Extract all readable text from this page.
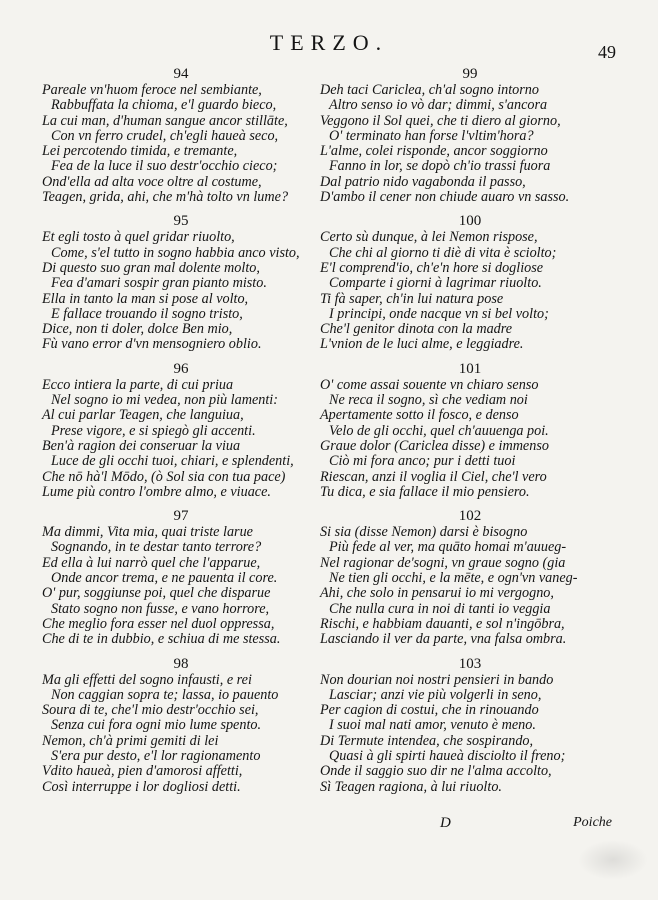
TERZO.	49
94
Pareale vn'huom feroce nel sembiante,
Rabbuffata la chioma, e'l guardo bieco,
La cui man, d'human sangue ancor stillāte,
Con vn ferro crudel, ch'egli haueà seco,
Lei percotendo timida, e tremante,
Fea de la luce il suo destr'occhio cieco;
Ond'ella ad alta voce oltre al costume,
Teagen, grida, ahi, che m'hà tolto vn lume?
95
Et egli tosto à quel gridar riuolto,
Come, s'el tutto in sogno habbia anco visto,
Di questo suo gran mal dolente molto,
Fea d'amari sospir gran pianto misto.
Ella in tanto la man si pose al volto,
E fallace trouando il sogno tristo,
Dice, non ti doler, dolce Ben mio,
Fù vano error d'vn mensogniero oblio.
96
Ecco intiera la parte, di cui priua
Nel sogno io mi vedea, non più lamenti:
Al cui parlar Teagen, che languiua,
Prese vigore, e si spiegò gli accenti.
Ben'à ragion dei conseruar la viua
Luce de gli occhi tuoi, chiari, e splendenti,
Che nō hà'l Mōdo, (ò Sol sia con tua pace)
Lume più contro l'ombre almo, e viuace.
97
Ma dimmi, Vita mia, quai triste larue
Sognando, in te destar tanto terrore?
Ed ella à lui narrò quel che l'apparue,
Onde ancor trema, e ne pauenta il core.
O' pur, soggiunse poi, quel che disparue
Stato sogno non fusse, e vano horrore,
Che meglio fora esser nel duol oppressa,
Che di te in dubbio, e schiua di me stessa.
98
Ma gli effetti del sogno infausti, e rei
Non caggian sopra te; lassa, io pauento
Soura di te, che'l mio destr'occhio sei,
Senza cui fora ogni mio lume spento.
Nemon, ch'à primi gemiti di lei
S'era pur desto, e'l lor ragionamento
Vdito haueà, pien d'amorosi affetti,
Così interruppe i lor dogliosi detti.
99
Deh taci Cariclea, ch'al sogno intorno
Altro senso io vò dar; dimmi, s'ancora
Veggono il Sol quei, che ti diero al giorno,
O' terminato han forse l'vltim'hora?
L'alme, colei risponde, ancor soggiorno
Fanno in lor, se dopò ch'io trassi fuora
Dal patrio nido vagabonda il passo,
D'ambo il cener non chiude auaro vn sasso.
100
Certo sù dunque, à lei Nemon rispose,
Che chi al giorno ti diè di vita è sciolto;
E'l comprend'io, ch'e'n hore si dogliose
Comparte i giorni à lagrimar riuolto.
Ti fà saper, ch'in lui natura pose
I principi, onde nacque vn si bel volto;
Che'l genitor dinota con la madre
L'vnion de le luci alme, e leggiadre.
101
O' come assai souente vn chiaro senso
Ne reca il sogno, sì che vediam noi
Apertamente sotto il fosco, e denso
Velo de gli occhi, quel ch'auuenga poi.
Graue dolor (Cariclea disse) e immenso
Ciò mi fora anco; pur i detti tuoi
Riescan, anzi il voglia il Ciel, che'l vero
Tu dica, e sia fallace il mio pensiero.
102
Si sia (disse Nemon) darsi è bisogno
Più fede al ver, ma quāto homai m'auueg-
Nel ragionar de'sogni, vn graue sogno (gia
Ne tien gli occhi, e la mēte, e ogn'vn vaneg-
Ahi, che solo in pensarui io mi vergogno,
Che nulla cura in noi di tanti io veggia
Rischi, e habbiam dauanti, e sol n'ingōbra,
Lasciando il ver da parte, vna falsa ombra.
103
Non dourian noi nostri pensieri in bando
Lasciar; anzi vie più volgerli in seno,
Per cagion di costui, che in rinouando
I suoi mal nati amor, venuto è meno.
Di Termute intendea, che sospirando,
Quasi à gli spirti haueà disciolto il freno;
Onde il saggio suo dir ne l'alma accolto,
Sì Teagen ragiona, à lui riuolto.
D	Poiche
